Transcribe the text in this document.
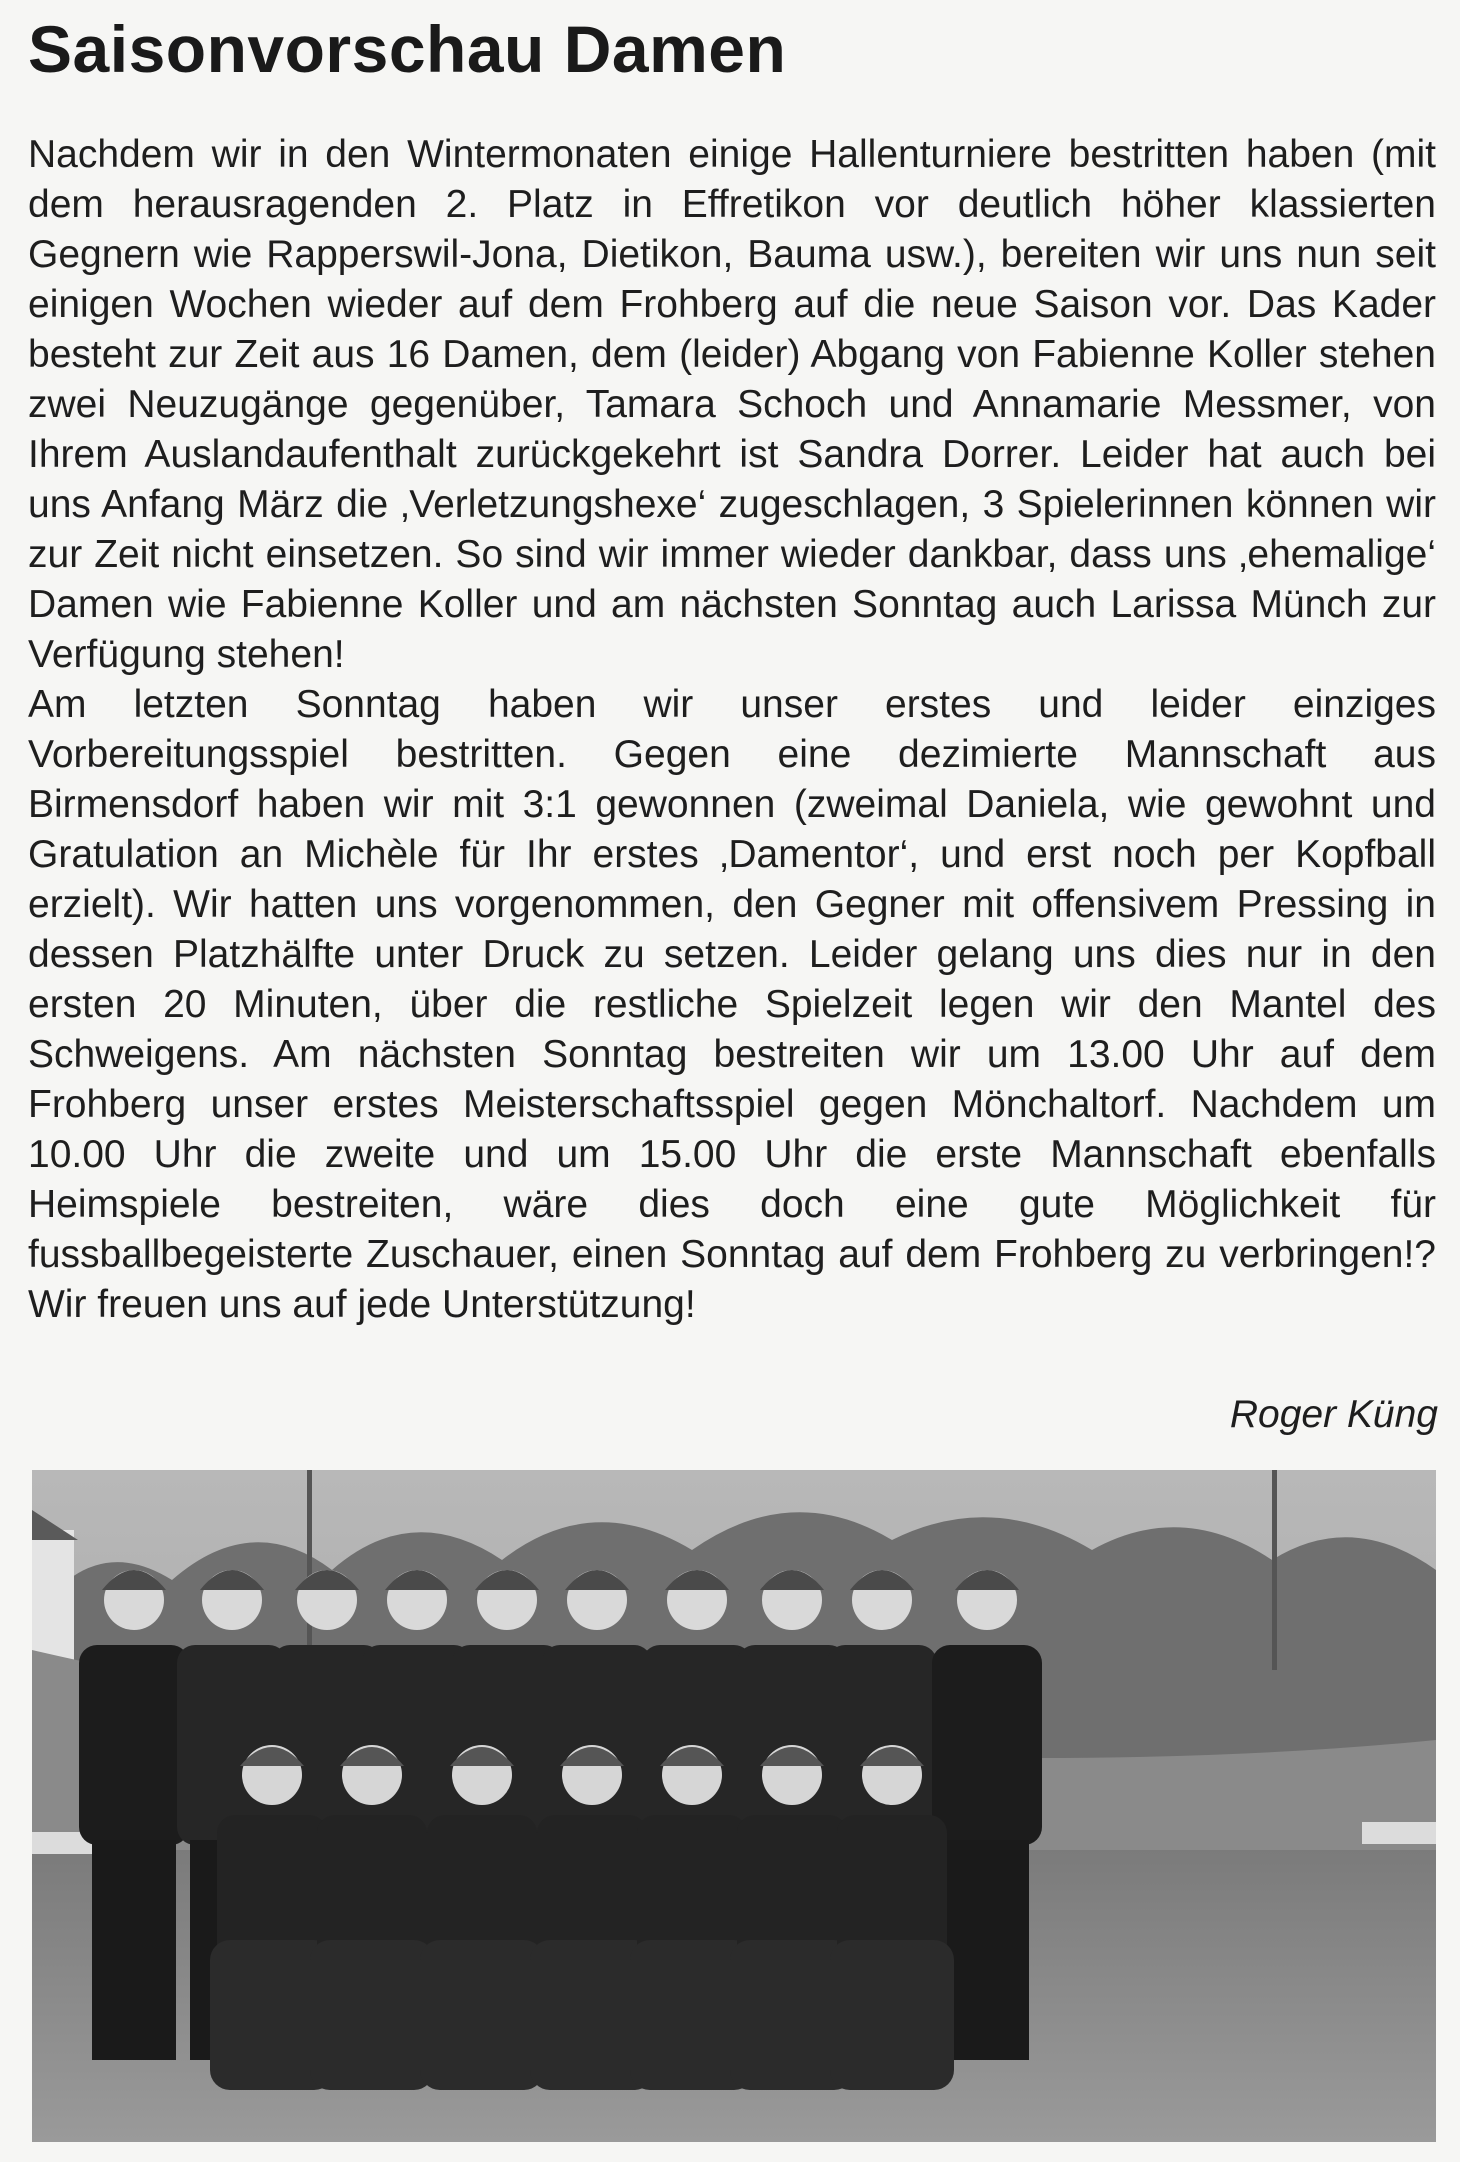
Saisonvorschau Damen

Nachdem wir in den Wintermonaten einige Hallenturniere bestritten haben (mit dem herausragenden 2. Platz in Effretikon vor deutlich höher klassierten Gegnern wie Rapperswil-Jona, Dietikon, Bauma usw.), bereiten wir uns nun seit einigen Wochen wieder auf dem Frohberg auf die neue Saison vor. Das Kader besteht zur Zeit aus 16 Damen, dem (leider) Abgang von Fabienne Koller stehen zwei Neuzugänge gegenüber, Tamara Schoch und Annamarie Messmer, von Ihrem Auslandaufenthalt zurückgekehrt ist Sandra Dorrer. Leider hat auch bei uns Anfang März die ‚Verletzungshexe‘ zugeschlagen, 3 Spielerinnen können wir zur Zeit nicht einsetzen. So sind wir immer wieder dankbar, dass uns ‚ehemalige‘ Damen wie Fabienne Koller und am nächsten Sonntag auch Larissa Münch zur Verfügung stehen!

Am letzten Sonntag haben wir unser erstes und leider einziges Vorbereitungsspiel bestritten. Gegen eine dezimierte Mannschaft aus Birmensdorf haben wir mit 3:1 gewonnen (zweimal Daniela, wie gewohnt und Gratulation an Michèle für Ihr erstes ‚Damentor‘, und erst noch per Kopfball erzielt). Wir hatten uns vorgenommen, den Gegner mit offensivem Pressing in dessen Platzhälfte unter Druck zu setzen. Leider gelang uns dies nur in den ersten 20 Minuten, über die restliche Spielzeit legen wir den Mantel des Schweigens. Am nächsten Sonntag bestreiten wir um 13.00 Uhr auf dem Frohberg unser erstes Meisterschaftsspiel gegen Mönchaltorf. Nachdem um 10.00 Uhr die zweite und um 15.00 Uhr die erste Mannschaft ebenfalls Heimspiele bestreiten, wäre dies doch eine gute Möglichkeit für fussballbegeisterte Zuschauer, einen Sonntag auf dem Frohberg zu verbringen!? Wir freuen uns auf jede Unterstützung!

Roger Küng
